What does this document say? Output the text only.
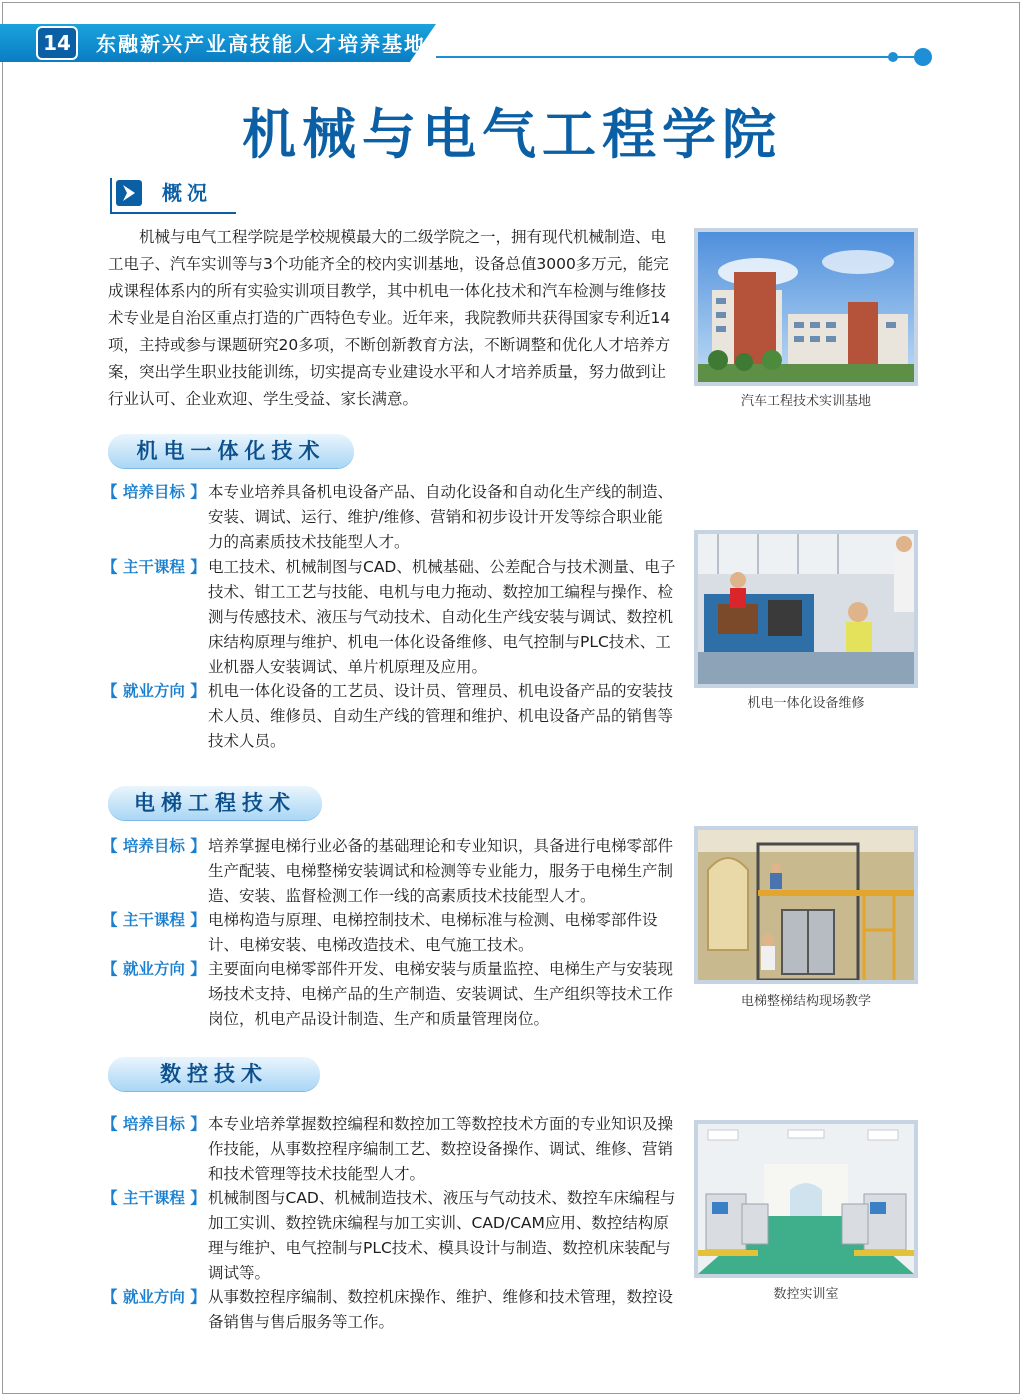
14	东融新兴产业高技能人才培养基地
机械与电气工程学院
概况
机械与电气工程学院是学校规模最大的二级学院之一，拥有现代机械制造、电工电子、汽车实训等与3个功能齐全的校内实训基地，设备总值3000多万元，能完成课程体系内的所有实验实训项目教学，其中机电一体化技术和汽车检测与维修技术专业是自治区重点打造的广西特色专业。近年来，我院教师共获得国家专利近14项，主持或参与课题研究20多项，不断创新教育方法，不断调整和优化人才培养方案，突出学生职业技能训练，切实提高专业建设水平和人才培养质量，努力做到让行业认可、企业欢迎、学生受益、家长满意。	汽车工程技术实训基地
机电一体化技术
【 培养目标 】 本专业培养具备机电设备产品、自动化设备和自动化生产线的制造、安装、调试、运行、维护/维修、营销和初步设计开发等综合职业能力的高素质技术技能型人才。
【 主干课程 】 电工技术、机械制图与CAD、机械基础、公差配合与技术测量、电子技术、钳工工艺与技能、电机与电力拖动、数控加工编程与操作、检测与传感技术、液压与气动技术、自动化生产线安装与调试、数控机床结构原理与维护、机电一体化设备维修、电气控制与PLC技术、工业机器人安装调试、单片机原理及应用。
【 就业方向 】 机电一体化设备的工艺员、设计员、管理员、机电设备产品的安装技术人员、维修员、自动生产线的管理和维护、机电设备产品的销售等技术人员。
机电一体化设备维修
电梯工程技术
【 培养目标 】 培养掌握电梯行业必备的基础理论和专业知识，具备进行电梯零部件生产配装、电梯整梯安装调试和检测等专业能力，服务于电梯生产制造、安装、监督检测工作一线的高素质技术技能型人才。
【 主干课程 】 电梯构造与原理、电梯控制技术、电梯标准与检测、电梯零部件设计、电梯安装、电梯改造技术、电气施工技术。
【 就业方向 】 主要面向电梯零部件开发、电梯安装与质量监控、电梯生产与安装现场技术支持、电梯产品的生产制造、安装调试、生产组织等技术工作岗位，机电产品设计制造、生产和质量管理岗位。
电梯整梯结构现场教学
数控技术
【 培养目标 】 本专业培养掌握数控编程和数控加工等数控技术方面的专业知识及操作技能，从事数控程序编制工艺、数控设备操作、调试、维修、营销和技术管理等技术技能型人才。
【 主干课程 】 机械制图与CAD、机械制造技术、液压与气动技术、数控车床编程与加工实训、数控铣床编程与加工实训、CAD/CAM应用、数控结构原理与维护、电气控制与PLC技术、模具设计与制造、数控机床装配与调试等。
【 就业方向 】 从事数控程序编制、数控机床操作、维护、维修和技术管理，数控设备销售与售后服务等工作。
数控实训室
